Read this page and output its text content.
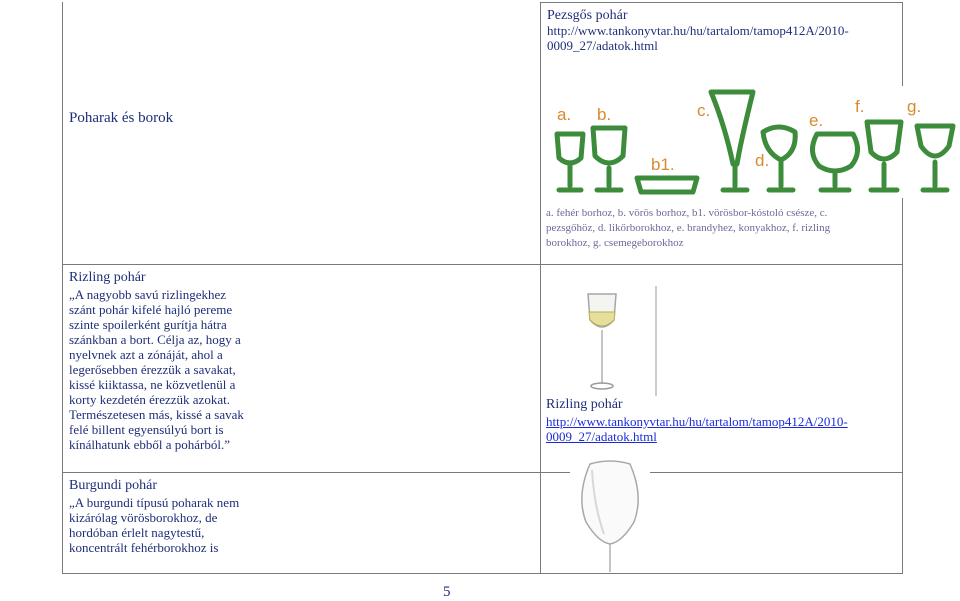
Pezsgős pohár
http://www.tankonyvtar.hu/hu/tartalom/tamop412A/2010-
0009_27/adatok.html
Poharak és borok	a. b.
b1.
c.
d.
e.
f.	g.
a. fehér borhoz, b. vörös borhoz, b1. vörösbor-kóstoló csésze, c.
pezsgőhöz, d. likőrborokhoz, e. brandyhez, konyakhoz, f. rizling
borokhoz, g. csemegeborokhoz
Rizling pohár
„A nagyobb savú rizlingekhez
szánt pohár kifelé hajló pereme
szinte spoilerként gurítja hátra
szánkban a bort. Célja az, hogy a
nyelvnek azt a zónáját, ahol a
legerősebben érezzük a savakat,
kissé kiiktassa, ne közvetlenül a
korty kezdetén érezzük azokat.
Természetesen más, kissé a savak
felé billent egyensúlyú bort is
kínálhatunk ebből a pohárból.”
Rizling pohár
http://www.tankonyvtar.hu/hu/tartalom/tamop412A/2010-
0009_27/adatok.html
Burgundi pohár
„A burgundi típusú poharak nem
kizárólag vörösborokhoz, de
hordóban érlelt nagytestű,
koncentrált fehérborokhoz is
5
